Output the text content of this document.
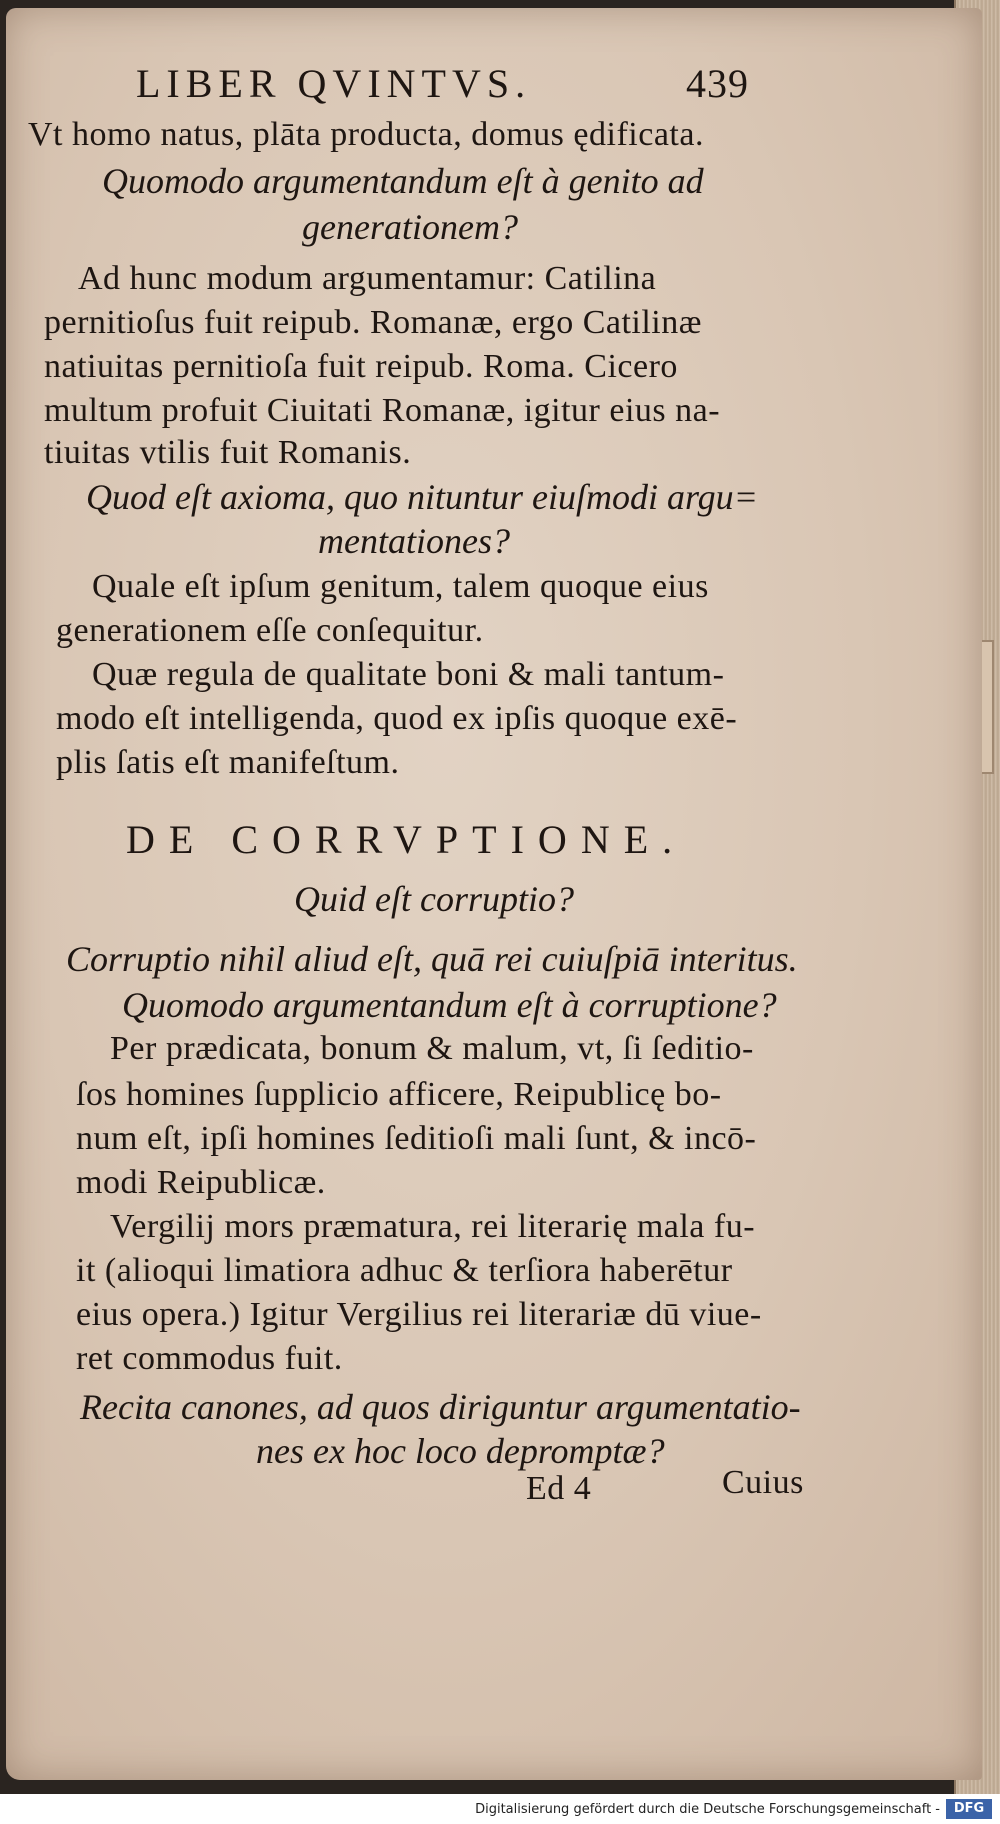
LIBER QVINTVS.	439
Vt homo natus, plāta producta, domus ędificata.
Quomodo argumentandum eſt à genito ad
generationem?
Ad hunc modum argumentamur: Catilina
pernitioſus fuit reipub. Romanæ, ergo Catilinæ
natiuitas pernitioſa fuit reipub. Roma. Cicero
multum profuit Ciuitati Romanæ, igitur eius na-
tiuitas vtilis fuit Romanis.
Quod eſt axioma, quo nituntur eiuſmodi argu=
mentationes?
Quale eſt ipſum genitum, talem quoque eius
generationem eſſe conſequitur.
Quæ regula de qualitate boni & mali tantum-
modo eſt intelligenda, quod ex ipſis quoque exē-
plis ſatis eſt manifeſtum.
DE CORRVPTIONE.
Quid eſt corruptio?
Corruptio nihil aliud eſt, quā rei cuiuſpiā interitus.
Quomodo argumentandum eſt à corruptione?
Per prædicata, bonum & malum, vt, ſi ſeditio-
ſos homines ſupplicio afficere, Reipublicę bo-
num eſt, ipſi homines ſeditioſi mali ſunt, & incō-
modi Reipublicæ.
Vergilij mors præmatura, rei literarię mala fu-
it (alioqui limatiora adhuc & terſiora haberētur
eius opera.) Igitur Vergilius rei literariæ dū viue-
ret commodus fuit.
Recita canones, ad quos diriguntur argumentatio-
nes ex hoc loco depromptæ?
Ed 4	Cuius
Digitalisierung gefördert durch die Deutsche Forschungsgemeinschaft -	DFG
